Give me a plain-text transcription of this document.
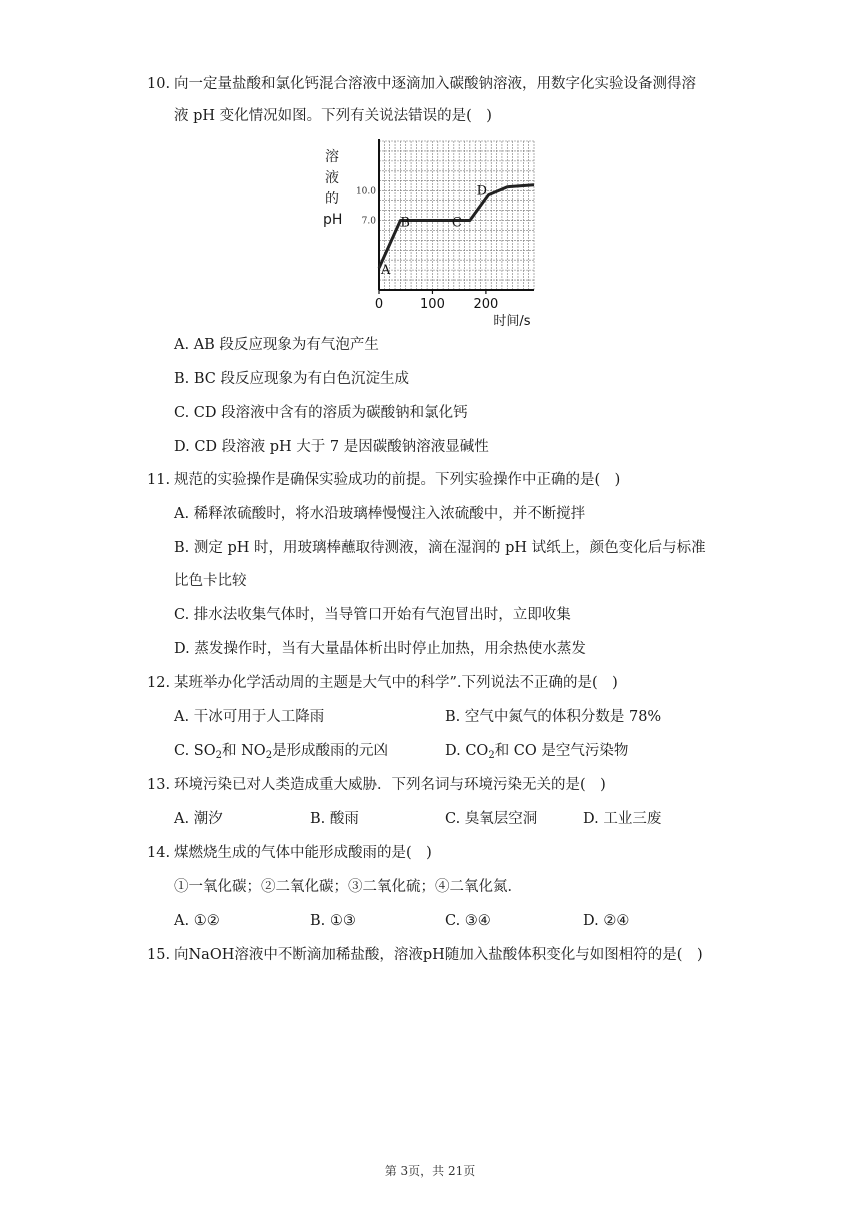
10. 向一定量盐酸和氯化钙混合溶液中逐滴加入碳酸钠溶液，用数字化实验设备测得溶
液 pH 变化情况如图。下列有关说法错误的是(　)
溶
液
的
pH
0	100 200
7.0
10.0
时间/s
A
B	C
D
A. AB 段反应现象为有气泡产生
B. BC 段反应现象为有白色沉淀生成
C. CD 段溶液中含有的溶质为碳酸钠和氯化钙
D. CD 段溶液 pH 大于 7 是因碳酸钠溶液显碱性
11. 规范的实验操作是确保实验成功的前提。下列实验操作中正确的是(　)
A. 稀释浓硫酸时，将水沿玻璃棒慢慢注入浓硫酸中，并不断搅拌
B. 测定 pH 时，用玻璃棒蘸取待测液，滴在湿润的 pH 试纸上，颜色变化后与标准
比色卡比较
C. 排水法收集气体时，当导管口开始有气泡冒出时，立即收集
D. 蒸发操作时，当有大量晶体析出时停止加热，用余热使水蒸发
12. 某班举办化学活动周的主题是大气中的科学”.下列说法不正确的是(　)
A. 干冰可用于人工降雨	B. 空气中氮气的体积分数是 78%
C. $SO_2$和 $NO_2$是形成酸雨的元凶	D. $CO_2$和 CO 是空气污染物
13. 环境污染已对人类造成重大威胁．下列名词与环境污染无关的是(　)
A. 潮汐	B. 酸雨	C. 臭氧层空洞	D. 工业三废
14. 煤燃烧生成的气体中能形成酸雨的是(　)
①一氧化碳；②二氧化碳；③二氧化硫；④二氧化氮．
A. ①②	B. ①③	C. ③④	D. ②④
15. 向NaOH溶液中不断滴加稀盐酸，溶液pH随加入盐酸体积变化与如图相符的是(　)
第 3页，共 21页
